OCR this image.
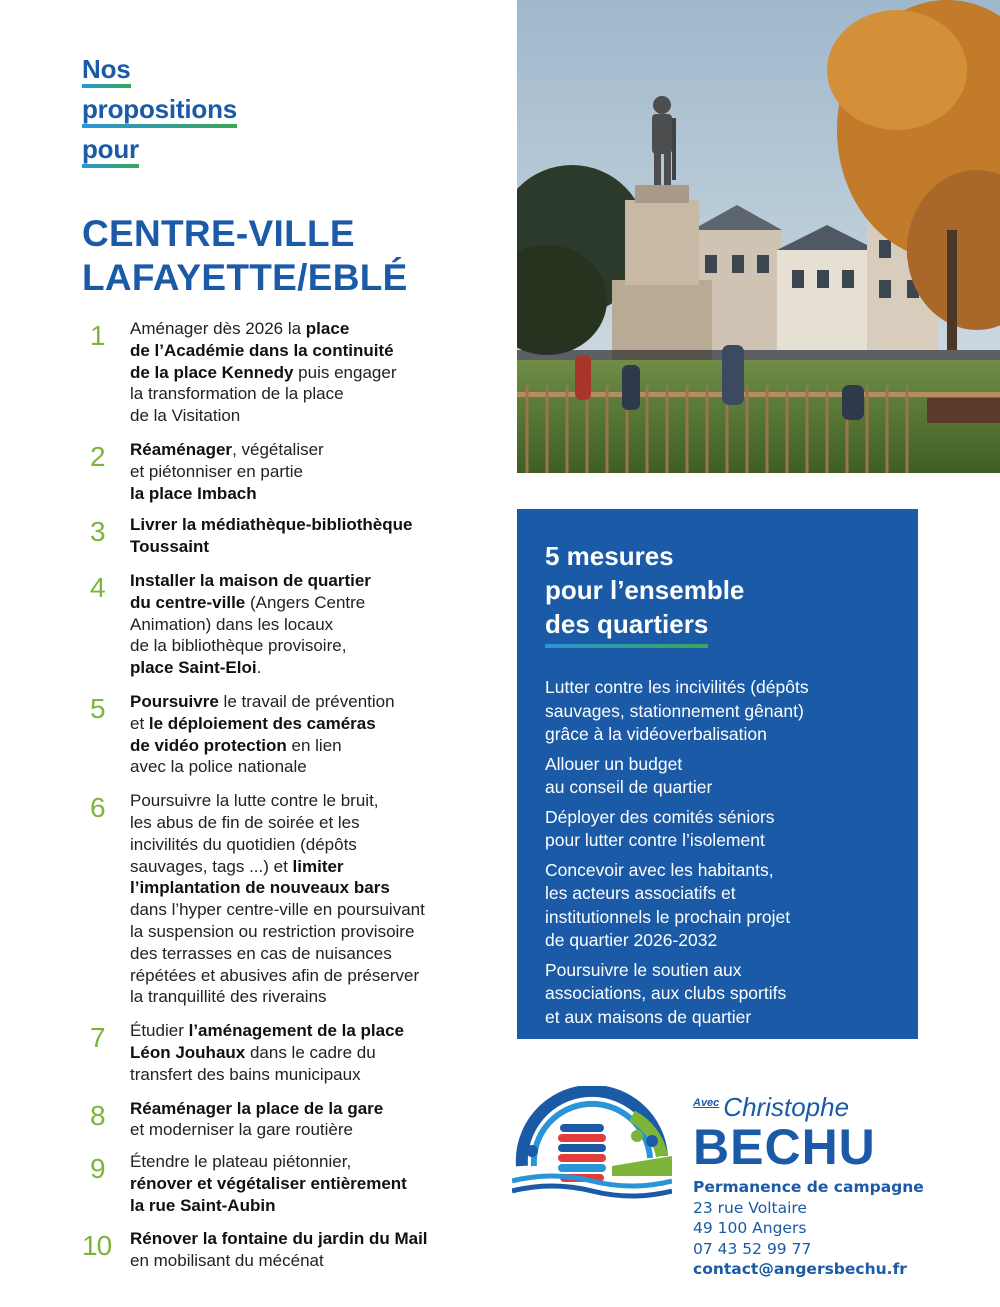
Nos
propositions
pour
CENTRE-VILLE
LAFAYETTE/EBLÉ
1	Aménager dès 2026 la place
de l’Académie dans la continuité
de la place Kennedy puis engager
la transformation de la place
de la Visitation
2	Réaménager, végétaliser
et piétonniser en partie
la place Imbach
3	Livrer la médiathèque-bibliothèque
Toussaint
4	Installer la maison de quartier
du centre-ville (Angers Centre
Animation) dans les locaux
de la bibliothèque provisoire,
place Saint-Eloi.
5	Poursuivre le travail de prévention
et le déploiement des caméras
de vidéo protection en lien
avec la police nationale
6	Poursuivre la lutte contre le bruit,
les abus de fin de soirée et les
incivilités du quotidien (dépôts
sauvages, tags ...) et limiter
l’implantation de nouveaux bars
dans l’hyper centre-ville en poursuivant
la suspension ou restriction provisoire
des terrasses en cas de nuisances
répétées et abusives afin de préserver
la tranquillité des riverains
7	Étudier l’aménagement de la place
Léon Jouhaux dans le cadre du
transfert des bains municipaux
8	Réaménager la place de la gare
et moderniser la gare routière
9	Étendre le plateau piétonnier,
rénover et végétaliser entièrement
la rue Saint-Aubin
10	Rénover la fontaine du jardin du Mail
en mobilisant du mécénat
5 mesures
pour l’ensemble
des quartiers
Lutter contre les incivilités (dépôts
sauvages, stationnement gênant)
grâce à la vidéoverbalisation
Allouer un budget
au conseil de quartier
Déployer des comités séniors
pour lutter contre l’isolement
Concevoir avec les habitants,
les acteurs associatifs et
institutionnels le prochain projet
de quartier 2026-2032
Poursuivre le soutien aux
associations, aux clubs sportifs
et aux maisons de quartier
$^{Avec}$ Christophe
BECHU
Permanence de campagne
23 rue Voltaire
49 100 Angers
07 43 52 99 77
contact@angersbechu.fr
